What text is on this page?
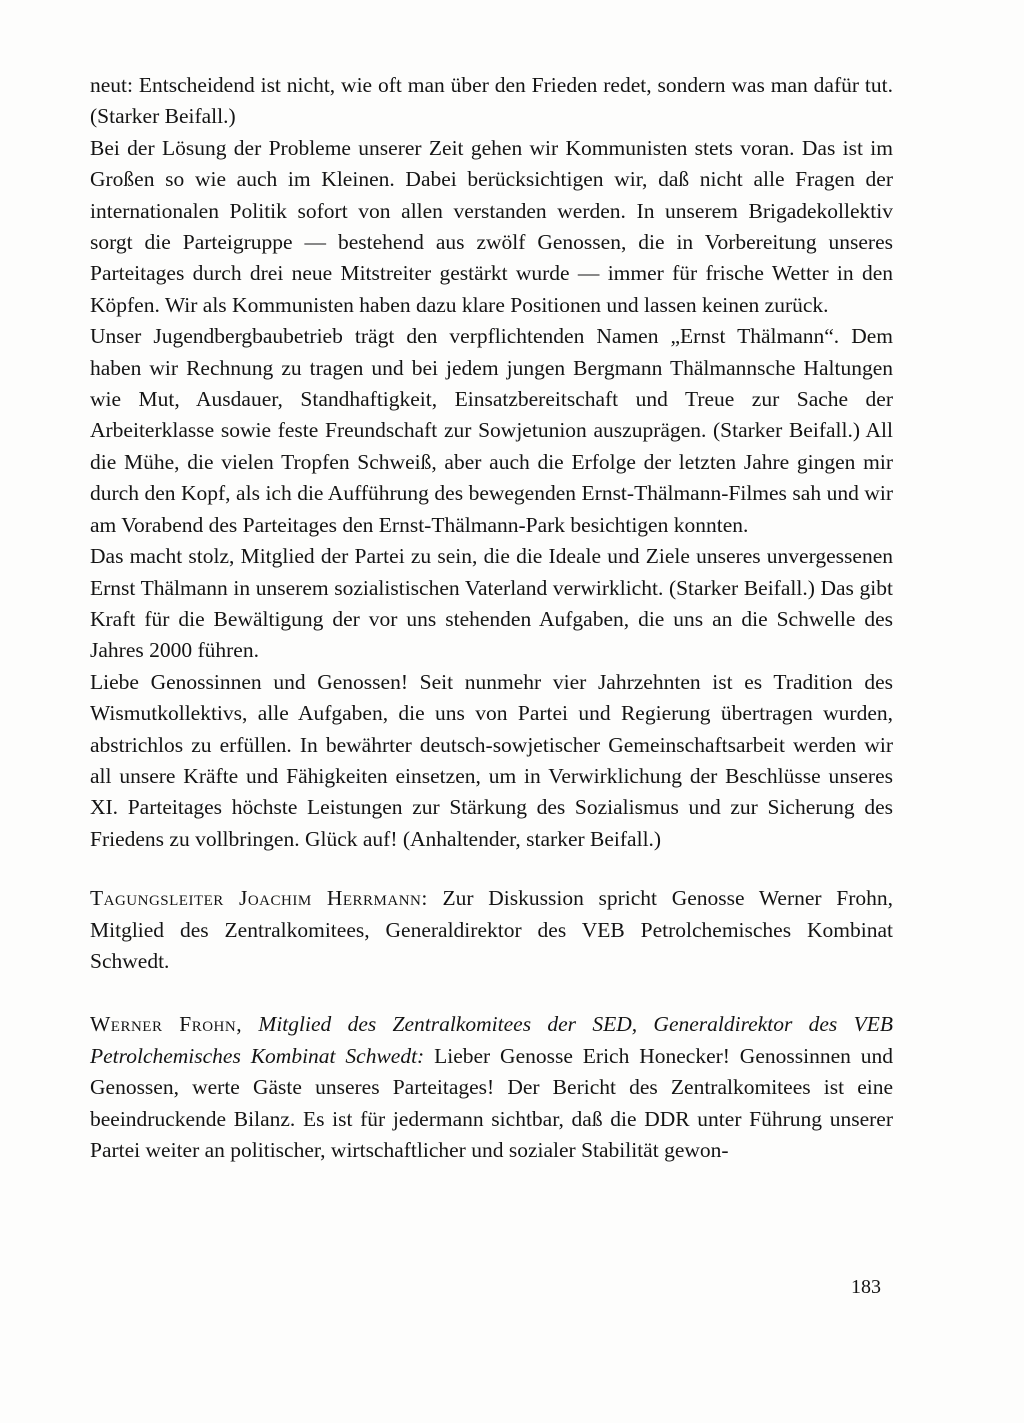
neut: Entscheidend ist nicht, wie oft man über den Frieden redet, sondern was man dafür tut. (Starker Beifall.)

Bei der Lösung der Probleme unserer Zeit gehen wir Kommunisten stets voran. Das ist im Großen so wie auch im Kleinen. Dabei berücksichtigen wir, daß nicht alle Fragen der internationalen Politik sofort von allen verstanden werden. In unserem Brigadekollektiv sorgt die Parteigruppe — bestehend aus zwölf Genossen, die in Vorbereitung unseres Parteitages durch drei neue Mitstreiter gestärkt wurde — immer für frische Wetter in den Köpfen. Wir als Kommunisten haben dazu klare Positionen und lassen keinen zurück.

Unser Jugendbergbaubetrieb trägt den verpflichtenden Namen „Ernst Thälmann“. Dem haben wir Rechnung zu tragen und bei jedem jungen Bergmann Thälmannsche Haltungen wie Mut, Ausdauer, Standhaftigkeit, Einsatzbereitschaft und Treue zur Sache der Arbeiterklasse sowie feste Freundschaft zur Sowjetunion auszuprägen. (Starker Beifall.) All die Mühe, die vielen Tropfen Schweiß, aber auch die Erfolge der letzten Jahre gingen mir durch den Kopf, als ich die Aufführung des bewegenden Ernst-Thälmann-Filmes sah und wir am Vorabend des Parteitages den Ernst-Thälmann-Park besichtigen konnten.

Das macht stolz, Mitglied der Partei zu sein, die die Ideale und Ziele unseres unvergessenen Ernst Thälmann in unserem sozialistischen Vaterland verwirklicht. (Starker Beifall.) Das gibt Kraft für die Bewältigung der vor uns stehenden Aufgaben, die uns an die Schwelle des Jahres 2000 führen.

Liebe Genossinnen und Genossen! Seit nunmehr vier Jahrzehnten ist es Tradition des Wismutkollektivs, alle Aufgaben, die uns von Partei und Regierung übertragen wurden, abstrichlos zu erfüllen. In bewährter deutsch-sowjetischer Gemeinschaftsarbeit werden wir all unsere Kräfte und Fähigkeiten einsetzen, um in Verwirklichung der Beschlüsse unseres XI. Parteitages höchste Leistungen zur Stärkung des Sozialismus und zur Sicherung des Friedens zu vollbringen. Glück auf! (Anhaltender, starker Beifall.)

Tagungsleiter Joachim Herrmann: Zur Diskussion spricht Genosse Werner Frohn, Mitglied des Zentralkomitees, Generaldirektor des VEB Petrolchemisches Kombinat Schwedt.

Werner Frohn, Mitglied des Zentralkomitees der SED, Generaldirektor des VEB Petrolchemisches Kombinat Schwedt: Lieber Genosse Erich Honecker! Genossinnen und Genossen, werte Gäste unseres Parteitages! Der Bericht des Zentralkomitees ist eine beeindruckende Bilanz. Es ist für jedermann sichtbar, daß die DDR unter Führung unserer Partei weiter an politischer, wirtschaftlicher und sozialer Stabilität gewon-

183
